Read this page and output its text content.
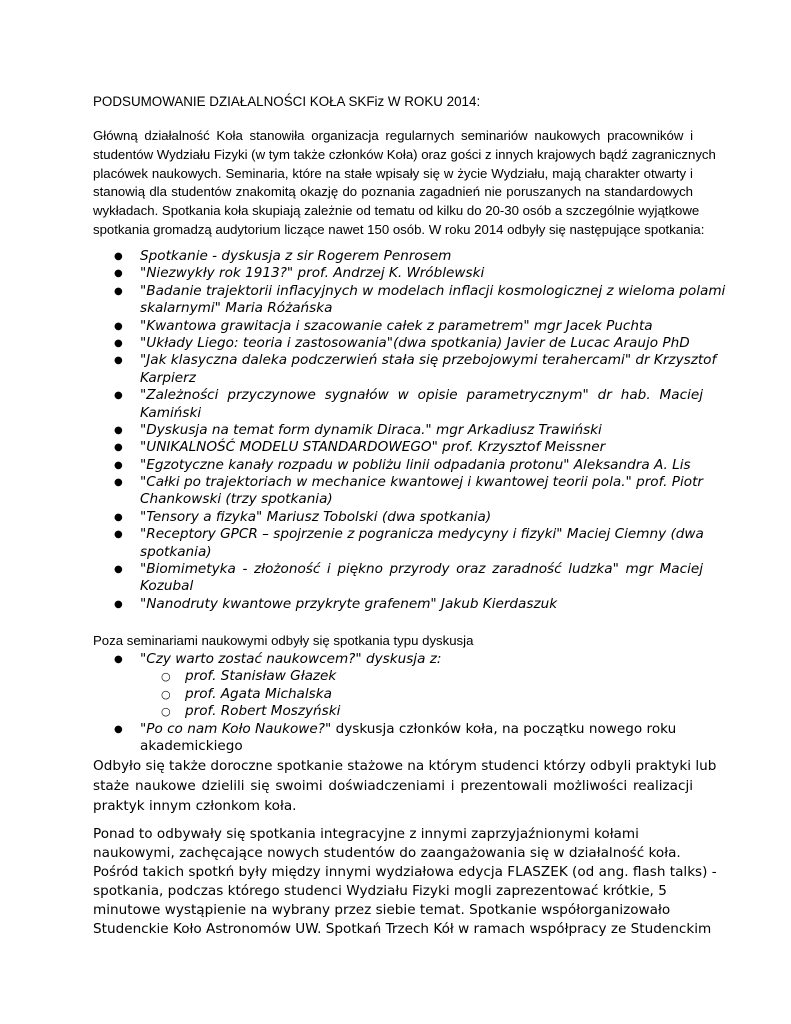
PODSUMOWANIE DZIAŁALNOŚCI KOŁA SKFiz W ROKU 2014:
Główną działalność Koła stanowiła organizacja regularnych seminariów naukowych pracowników i
studentów Wydziału Fizyki (w tym także członków Koła) oraz gości z innych krajowych bądź zagranicznych
placówek naukowych. Seminaria, które na stałe wpisały się w życie Wydziału, mają charakter otwarty i
stanowią dla studentów znakomitą okazję do poznania zagadnień nie poruszanych na standardowych
wykładach. Spotkania koła skupiają zależnie od tematu od kilku do 20-30 osób a szczególnie wyjątkowe
spotkania gromadzą audytorium liczące nawet 150 osób. W roku 2014 odbyły się następujące spotkania:
● Spotkanie - dyskusja z sir Rogerem Penrosem
● "Niezwykły rok 1913?" prof. Andrzej K. Wróblewski
● "Badanie trajektorii inflacyjnych w modelach inflacji kosmologicznej z wieloma polami
skalarnymi" Maria Różańska
● "Kwantowa grawitacja i szacowanie całek z parametrem" mgr Jacek Puchta
● "Układy Liego: teoria i zastosowania"(dwa spotkania) Javier de Lucac Araujo PhD
● "Jak klasyczna daleka podczerwień stała się przebojowymi terahercami" dr Krzysztof
Karpierz
● "Zależności przyczynowe sygnałów w opisie parametrycznym" dr hab. Maciej
Kamiński
● "Dyskusja na temat form dynamik Diraca." mgr Arkadiusz Trawiński
● "UNIKALNOŚĆ MODELU STANDARDOWEGO" prof. Krzysztof Meissner
● "Egzotyczne kanały rozpadu w pobliżu linii odpadania protonu" Aleksandra A. Lis
● "Całki po trajektoriach w mechanice kwantowej i kwantowej teorii pola." prof. Piotr
Chankowski (trzy spotkania)
● "Tensory a fizyka" Mariusz Tobolski (dwa spotkania)
● "Receptory GPCR – spojrzenie z pogranicza medycyny i fizyki" Maciej Ciemny (dwa
spotkania)
● "Biomimetyka - złożoność i piękno przyrody oraz zaradność ludzka" mgr Maciej
Kozubal
● "Nanodruty kwantowe przykryte grafenem" Jakub Kierdaszuk
Poza seminariami naukowymi odbyły się spotkania typu dyskusja
● "Czy warto zostać naukowcem?" dyskusja z:
○ prof. Stanisław Głazek
○ prof. Agata Michalska
○ prof. Robert Moszyński
● "Po co nam Koło Naukowe?" dyskusja członków koła, na początku nowego roku
akademickiego
Odbyło się także doroczne spotkanie stażowe na którym studenci którzy odbyli praktyki lub
staże naukowe dzielili się swoimi doświadczeniami i prezentowali możliwości realizacji
praktyk innym członkom koła.
Ponad to odbywały się spotkania integracyjne z innymi zaprzyjaźnionymi kołami
naukowymi, zachęcające nowych studentów do zaangażowania się w działalność koła.
Pośród takich spotkń były między innymi wydziałowa edycja FLASZEK (od ang. flash talks) -
spotkania, podczas którego studenci Wydziału Fizyki mogli zaprezentować krótkie, 5
minutowe wystąpienie na wybrany przez siebie temat. Spotkanie współorganizowało
Studenckie Koło Astronomów UW. Spotkań Trzech Kół w ramach współpracy ze Studenckim
